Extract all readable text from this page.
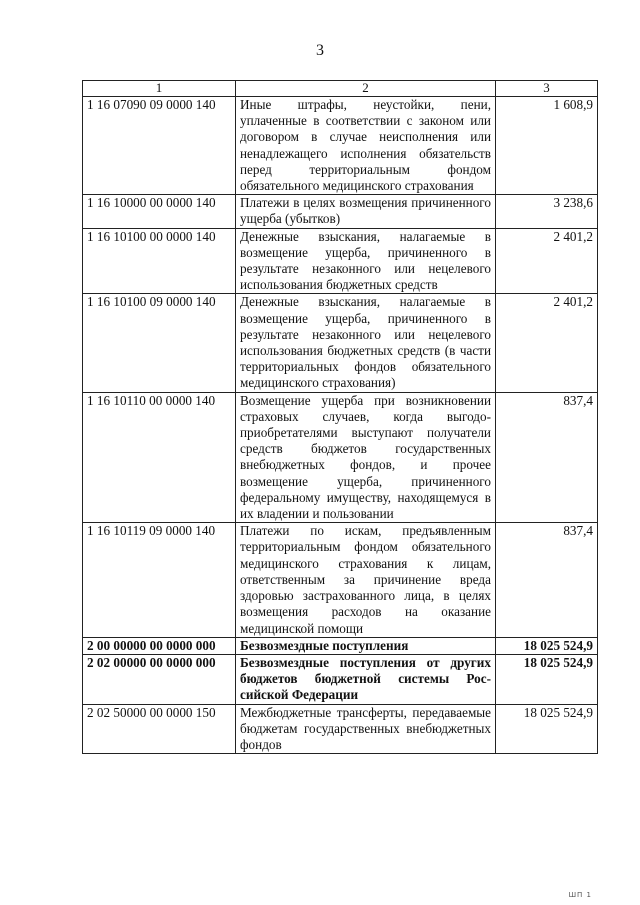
3
1	2	3
1 16 07090 09 0000 140	Иные штрафы, неустойки, пени, уплаченные в соответствии с законом или договором в случае неисполнения или ненадлежащего исполнения обязательств перед территориальным фондом обязательного медицинского страхования	1 608,9
1 16 10000 00 0000 140	Платежи в целях возмещения причиненного ущерба (убытков)	3 238,6
1 16 10100 00 0000 140	Денежные взыскания, налагаемые в возмещение ущерба, причиненного в результате незаконного или нецелевого использования бюджетных средств	2 401,2
1 16 10100 09 0000 140	Денежные взыскания, налагаемые в возмещение ущерба, причиненного в результате незаконного или нецелевого использования бюджетных средств (в части территориальных фондов обязательного медицинского страхования)	2 401,2
1 16 10110 00 0000 140	Возмещение ущерба при возникновении страховых случаев, когда выгодоприобретателями выступают получатели средств бюджетов государственных внебюджетных фондов, и прочее возмещение ущерба, причиненного федеральному имуществу, находящемуся в их владении и пользовании	837,4
1 16 10119 09 0000 140	Платежи по искам, предъявленным территориальным фондом обязательного медицинского страхования к лицам, ответственным за причинение вреда здоровью застрахованного лица, в целях возмещения расходов на оказание медицинской помощи	837,4
2 00 00000 00 0000 000	Безвозмездные поступления	18 025 524,9
2 02 00000 00 0000 000	Безвозмездные поступления от других бюджетов бюджетной системы Российской Федерации	18 025 524,9
2 02 50000 00 0000 150	Межбюджетные трансферты, передаваемые бюджетам государственных внебюджетных фондов	18 025 524,9
ШП 1
